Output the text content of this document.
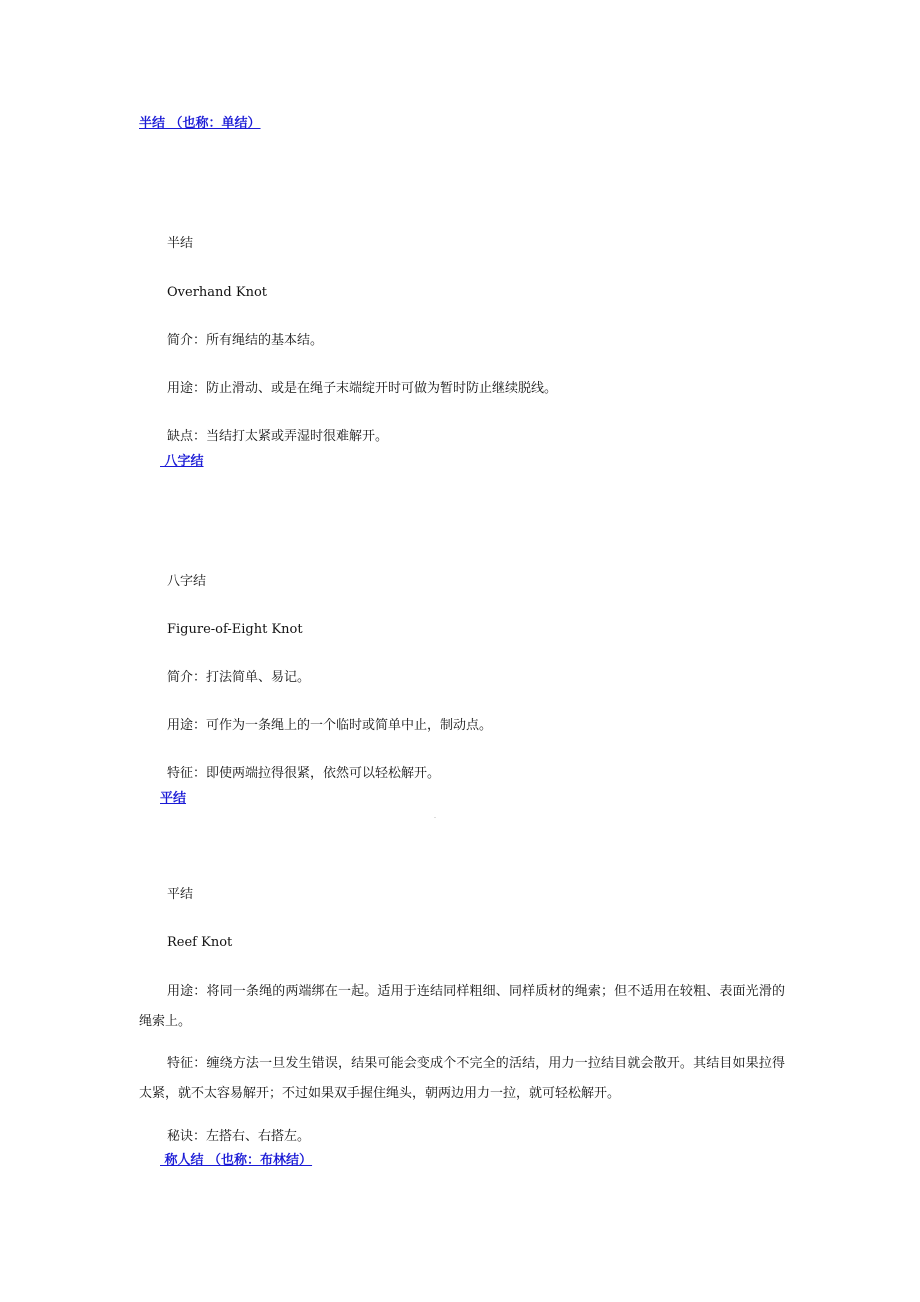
半结 （也称：单结）
半结
Overhand Knot
简介：所有绳结的基本结。
用途：防止滑动、或是在绳子末端绽开时可做为暂时防止继续脱线。
缺点：当结打太紧或弄湿时很难解开。
八字结
八字结
Figure-of-Eight Knot
简介：打法简单、易记。
用途：可作为一条绳上的一个临时或简单中止，制动点。
特征：即使两端拉得很紧，依然可以轻松解开。
平结
平结
Reef Knot
用途：将同一条绳的两端绑在一起。适用于连结同样粗细、同样质材的绳索；但不适用在较粗、表面光滑的绳索上。
特征：缠绕方法一旦发生错误，结果可能会变成个不完全的活结，用力一拉结目就会散开。其结目如果拉得太紧，就不太容易解开；不过如果双手握住绳头，朝两边用力一拉，就可轻松解开。
秘诀：左搭右、右搭左。
称人结 （也称：布林结）
